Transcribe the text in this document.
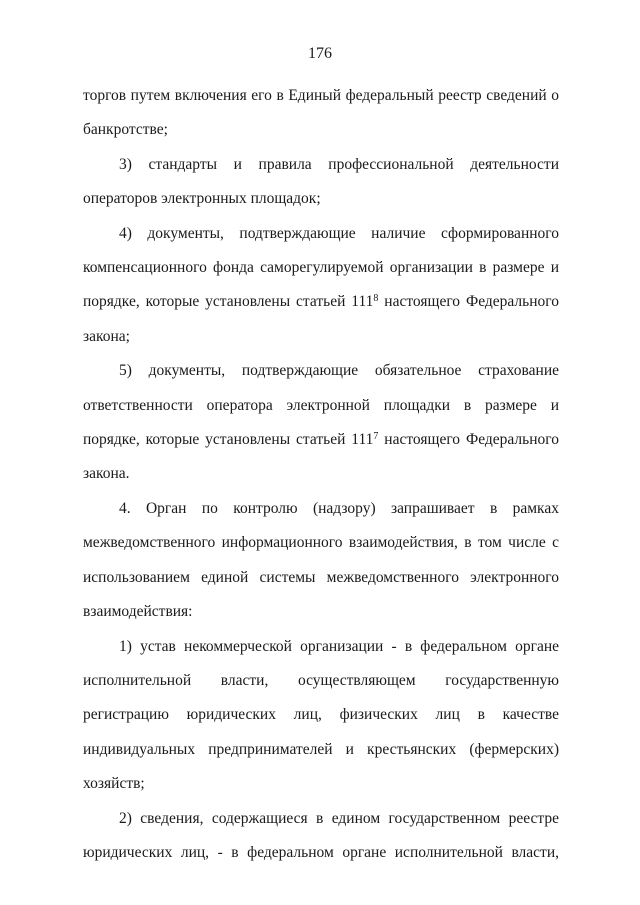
176

торгов путем включения его в Единый федеральный реестр сведений о банкротстве;

3) стандарты и правила профессиональной деятельности операторов электронных площадок;

4) документы, подтверждающие наличие сформированного компенсационного фонда саморегулируемой организации в размере и порядке, которые установлены статьей $111^8$ настоящего Федерального закона;

5) документы, подтверждающие обязательное страхование ответственности оператора электронной площадки в размере и порядке, которые установлены статьей $111^7$ настоящего Федерального закона.

4. Орган по контролю (надзору) запрашивает в рамках межведомственного информационного взаимодействия, в том числе с использованием единой системы межведомственного электронного взаимодействия:

1) устав некоммерческой организации - в федеральном органе исполнительной власти, осуществляющем государственную регистрацию юридических лиц, физических лиц в качестве индивидуальных предпринимателей и крестьянских (фермерских) хозяйств;

2) сведения, содержащиеся в едином государственном реестре юридических лиц, - в федеральном органе исполнительной власти,
